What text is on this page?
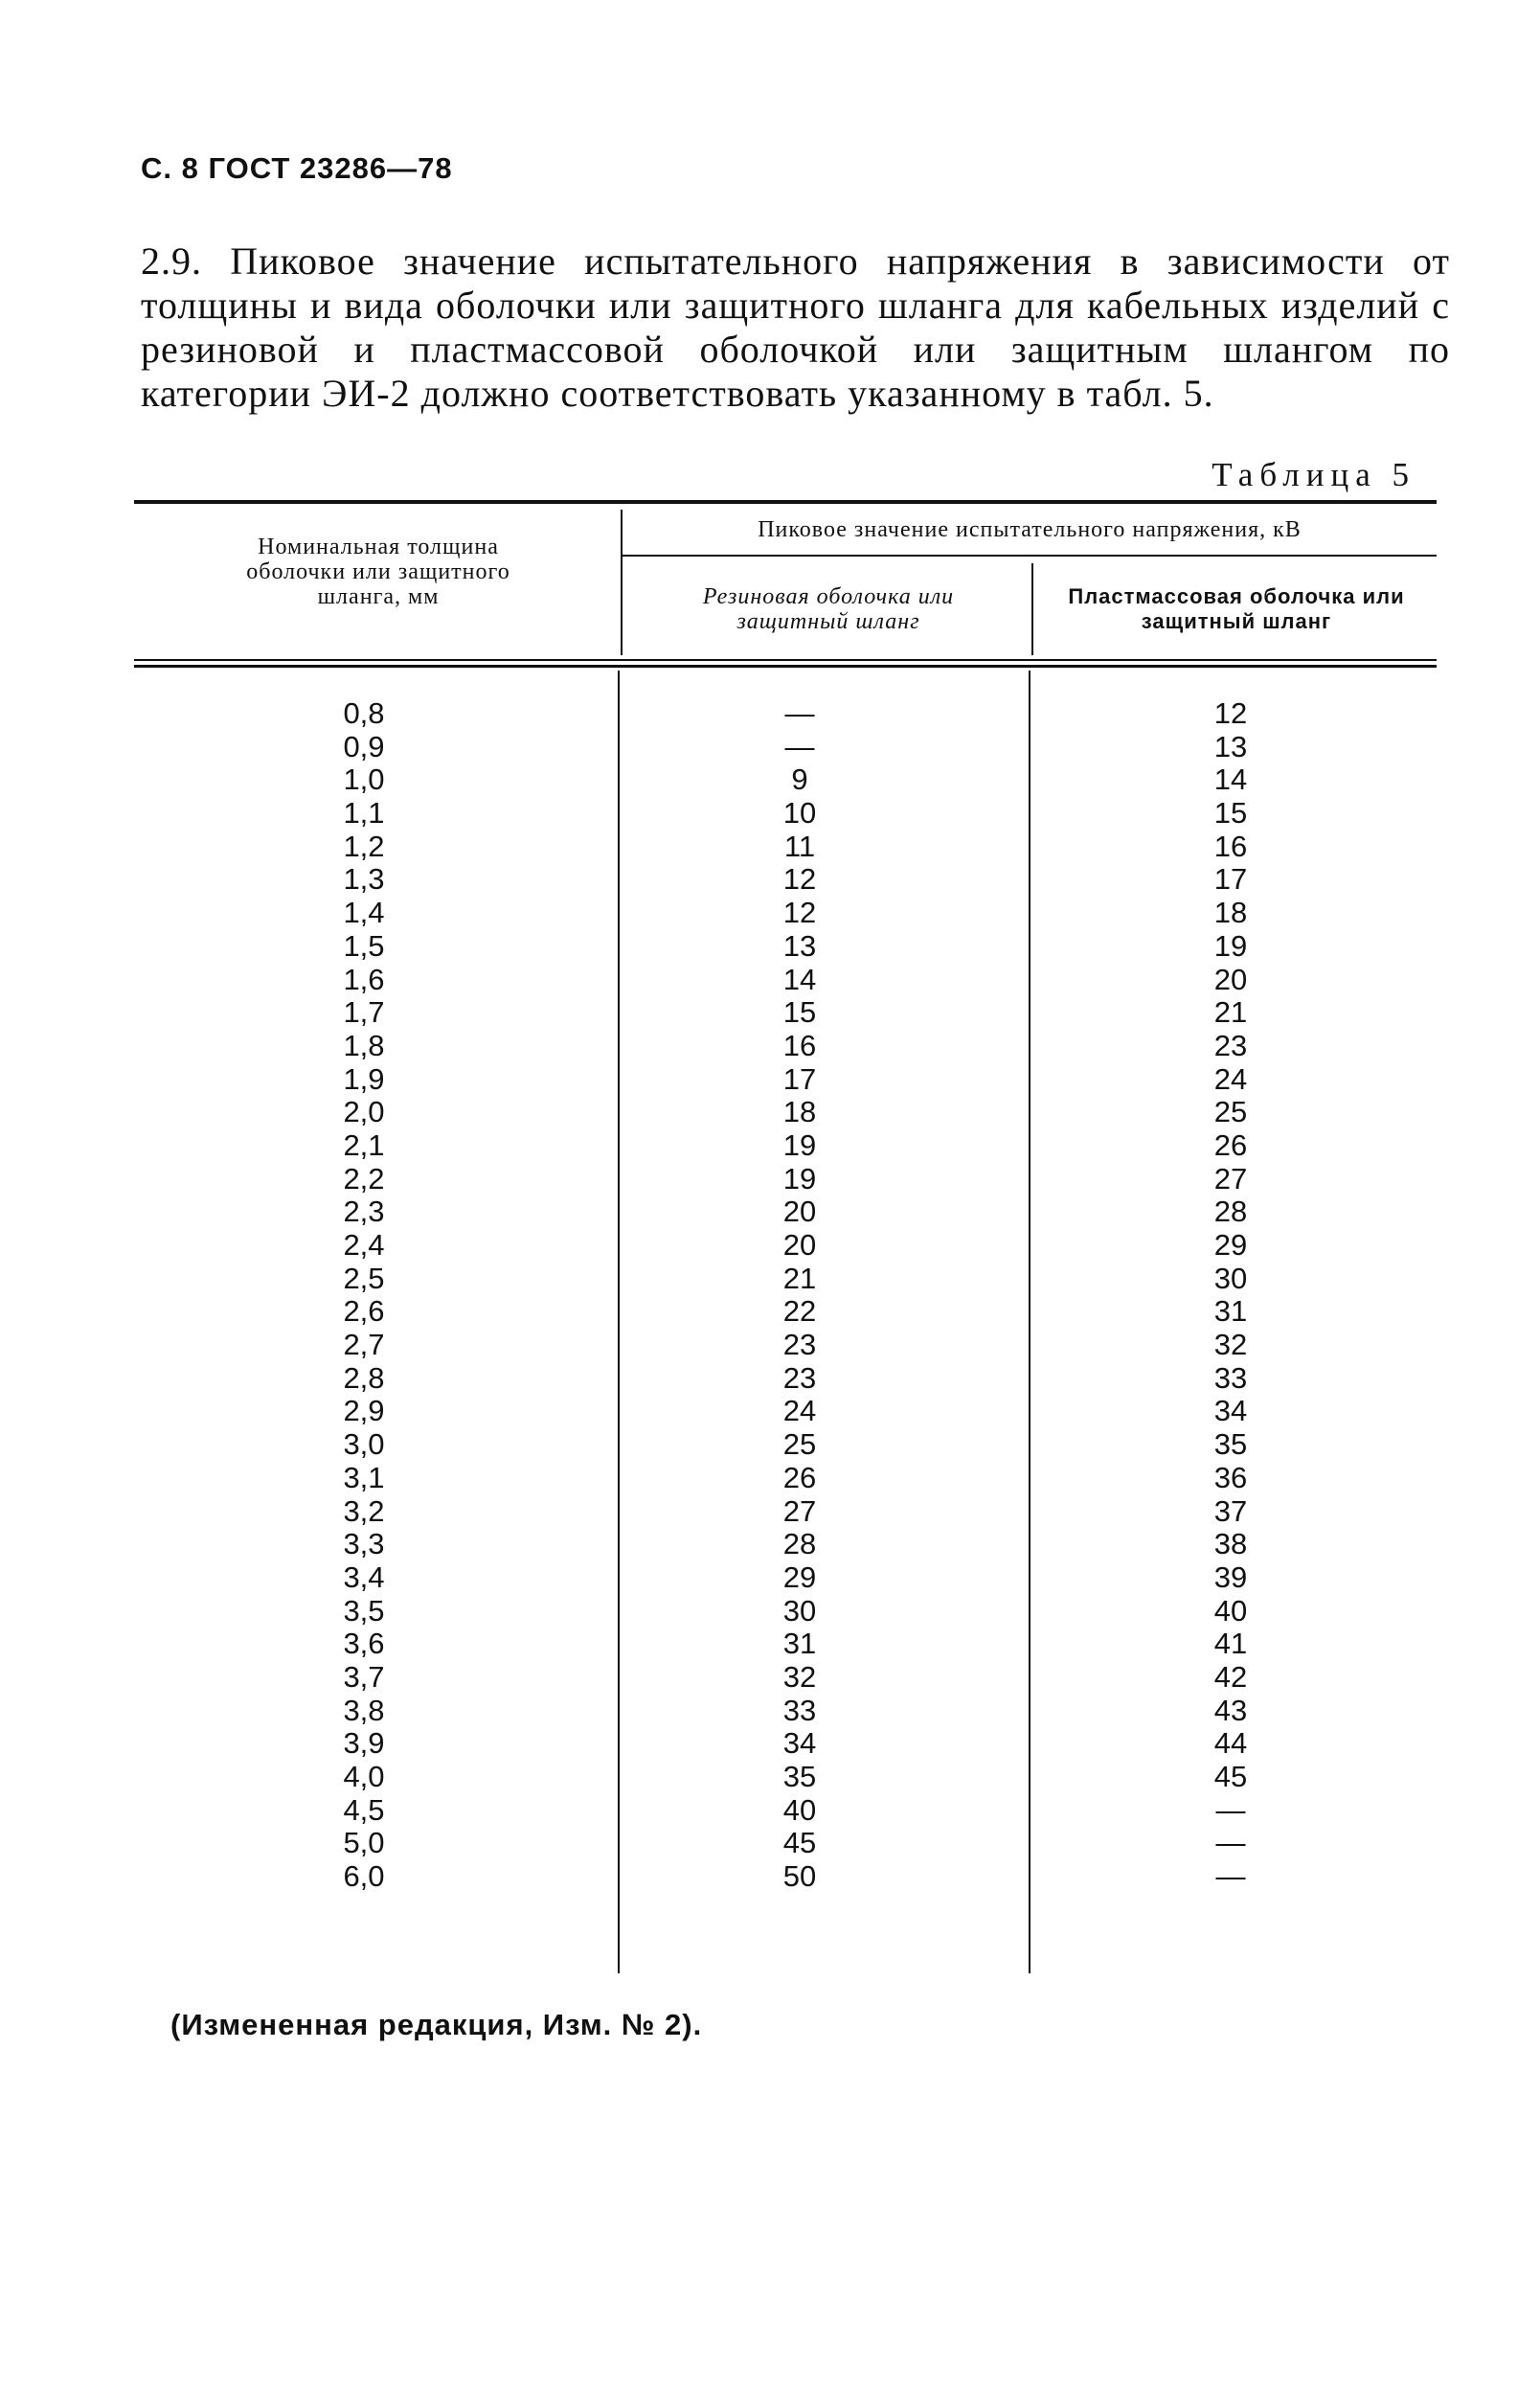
С. 8 ГОСТ 23286—78
2.9. Пиковое значение испытательного напряжения в зависимости от толщины и вида оболочки или защитного шланга для кабельных изделий с резиновой и пластмассовой оболочкой или защитным шлангом по категории ЭИ-2 должно соответствовать указанному в табл. 5.
Таблица 5
Номинальная толщина оболочки или защитного шланга, мм
Пиковое значение испытательного напряжения, кВ
Резиновая оболочка или защитный шланг
Пластмассовая оболочка или защитный шланг
0,8
0,9
1,0
1,1
1,2
1,3
1,4
1,5
1,6
1,7
1,8
1,9
2,0
2,1
2,2
2,3
2,4
2,5
2,6
2,7
2,8
2,9
3,0
3,1
3,2
3,3
3,4
3,5
3,6
3,7
3,8
3,9
4,0
4,5
5,0
6,0
—
—
9
10
11
12
12
13
14
15
16
17
18
19
19
20
20
21
22
23
23
24
25
26
27
28
29
30
31
32
33
34
35
40
45
50
12
13
14
15
16
17
18
19
20
21
23
24
25
26
27
28
29
30
31
32
33
34
35
36
37
38
39
40
41
42
43
44
45
—
—
—
(Измененная редакция, Изм. № 2).
